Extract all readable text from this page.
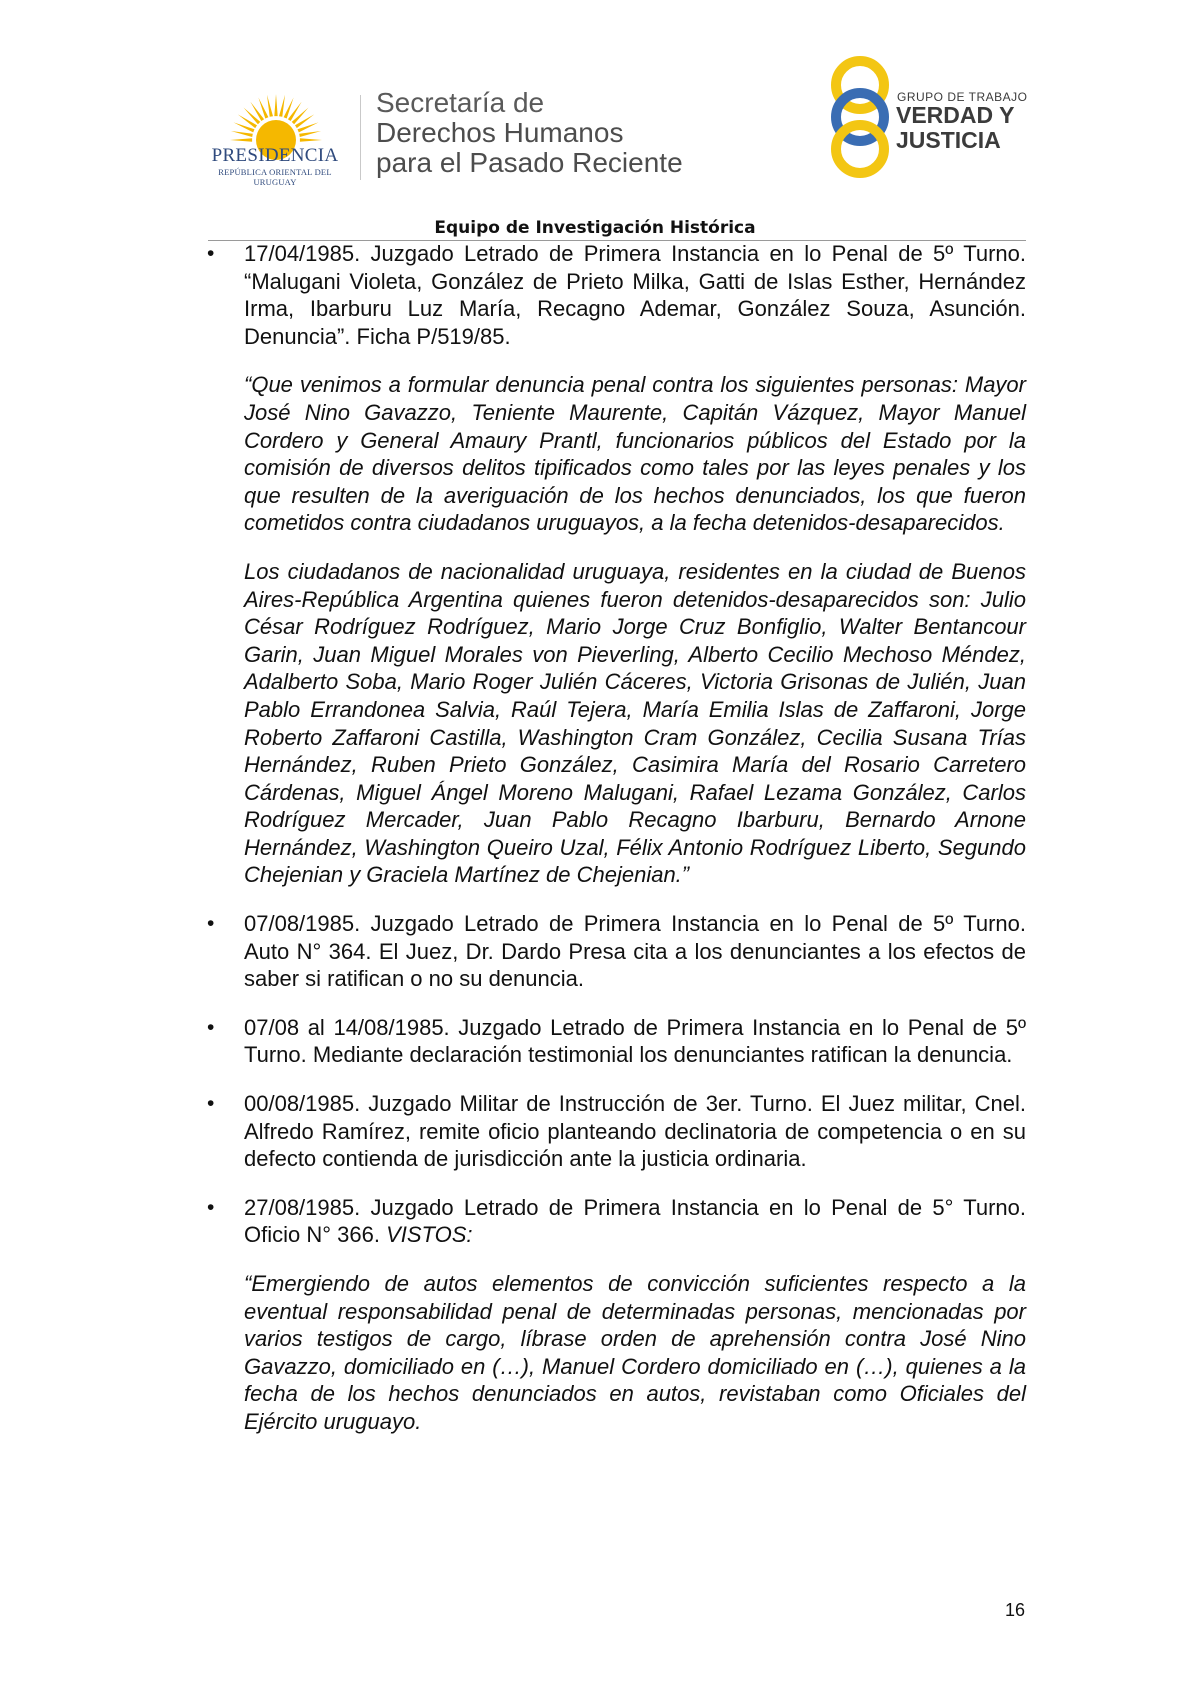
PRESIDENCIA
REPÚBLICA ORIENTAL DEL URUGUAY
Secretaría de
Derechos Humanos
para el Pasado Reciente
GRUPO DE TRABAJO
VERDAD Y
JUSTICIA
Equipo de Investigación Histórica
• 17/04/1985. Juzgado Letrado de Primera Instancia en lo Penal de 5º Turno. “Malugani Violeta, González de Prieto Milka, Gatti de Islas Esther, Hernández Irma, Ibarburu Luz María, Recagno Ademar, González Souza, Asunción. Denuncia”. Ficha P/519/85.

“Que venimos a formular denuncia penal contra los siguientes personas: Mayor José Nino Gavazzo, Teniente Maurente, Capitán Vázquez, Mayor Manuel Cordero y General Amaury Prantl, funcionarios públicos del Estado por la comisión de diversos delitos tipificados como tales por las leyes penales y los que resulten de la averiguación de los hechos denunciados, los que fueron cometidos contra ciudadanos uruguayos, a la fecha detenidos-desaparecidos.

Los ciudadanos de nacionalidad uruguaya, residentes en la ciudad de Buenos Aires-República Argentina quienes fueron detenidos-desaparecidos son: Julio César Rodríguez Rodríguez, Mario Jorge Cruz Bonfiglio, Walter Bentancour Garin, Juan Miguel Morales von Pieverling, Alberto Cecilio Mechoso Méndez, Adalberto Soba, Mario Roger Julién Cáceres, Victoria Grisonas de Julién, Juan Pablo Errandonea Salvia, Raúl Tejera, María Emilia Islas de Zaffaroni, Jorge Roberto Zaffaroni Castilla, Washington Cram González, Cecilia Susana Trías Hernández, Ruben Prieto González, Casimira María del Rosario Carretero Cárdenas, Miguel Ángel Moreno Malugani, Rafael Lezama González, Carlos Rodríguez Mercader, Juan Pablo Recagno Ibarburu, Bernardo Arnone Hernández, Washington Queiro Uzal, Félix Antonio Rodríguez Liberto, Segundo Chejenian y Graciela Martínez de Chejenian.”

• 07/08/1985. Juzgado Letrado de Primera Instancia en lo Penal de 5º Turno. Auto N° 364. El Juez, Dr. Dardo Presa cita a los denunciantes a los efectos de saber si ratifican o no su denuncia.

• 07/08 al 14/08/1985. Juzgado Letrado de Primera Instancia en lo Penal de 5º Turno. Mediante declaración testimonial los denunciantes ratifican la denuncia.

• 00/08/1985. Juzgado Militar de Instrucción de 3er. Turno. El Juez militar, Cnel. Alfredo Ramírez, remite oficio planteando declinatoria de competencia o en su defecto contienda de jurisdicción ante la justicia ordinaria.

• 27/08/1985. Juzgado Letrado de Primera Instancia en lo Penal de 5° Turno. Oficio N° 366. VISTOS:

“Emergiendo de autos elementos de convicción suficientes respecto a la eventual responsabilidad penal de determinadas personas, mencionadas por varios testigos de cargo, líbrase orden de aprehensión contra José Nino Gavazzo, domiciliado en (…), Manuel Cordero domiciliado en (…), quienes a la fecha de los hechos denunciados en autos, revistaban como Oficiales del Ejército uruguayo.

16
